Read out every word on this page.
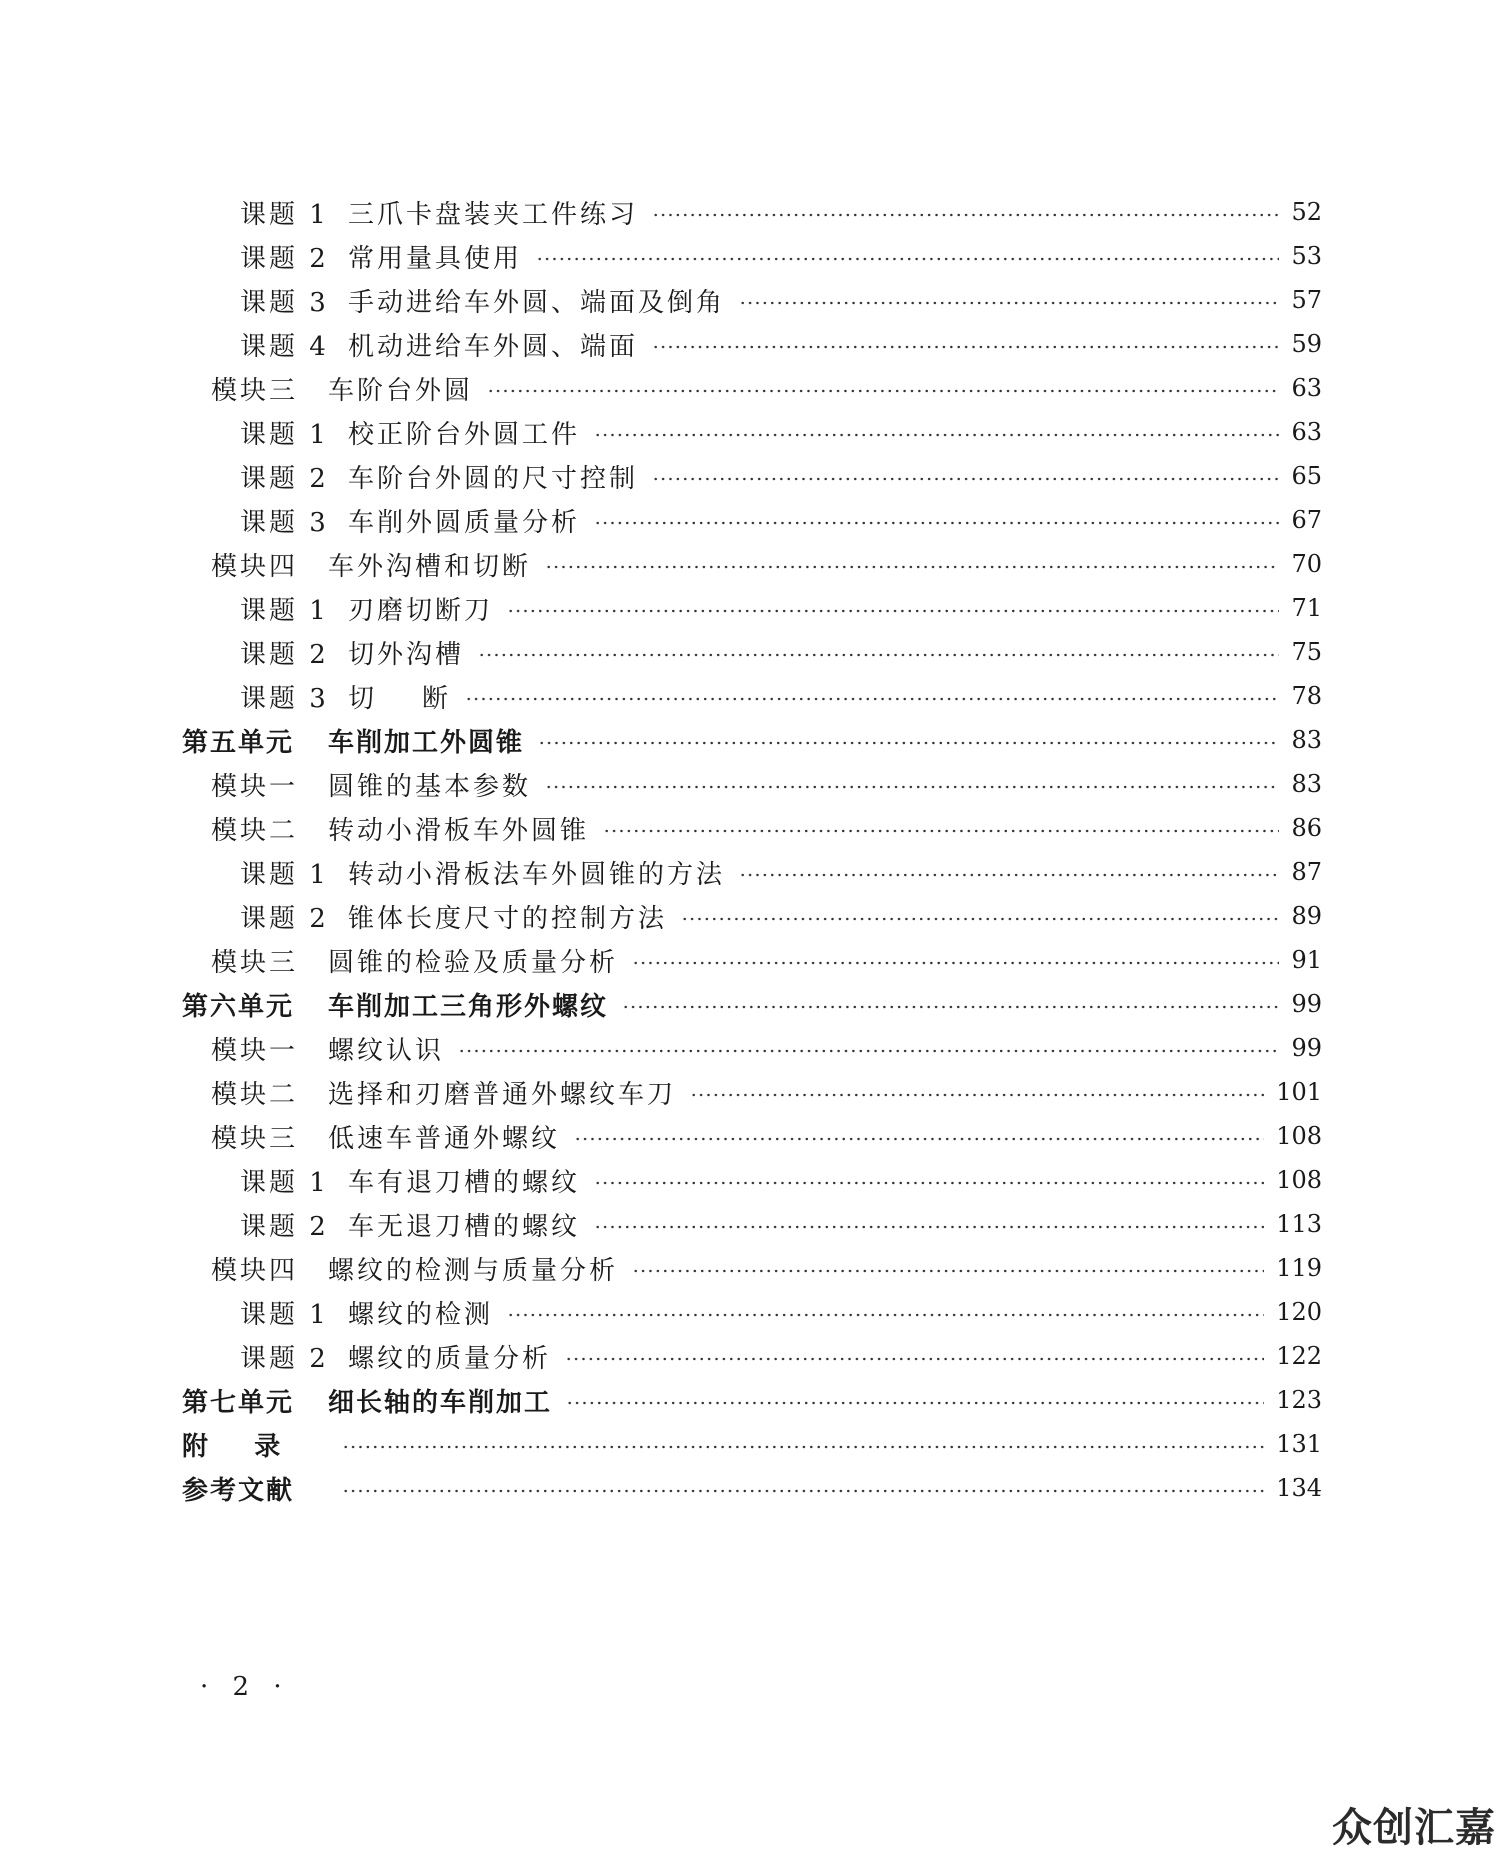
课题 1 三爪卡盘装夹工件练习	52
课题 2 常用量具使用	53
课题 3 手动进给车外圆、端面及倒角	57
课题 4 机动进给车外圆、端面	59
模块三 车阶台外圆	63
课题 1 校正阶台外圆工件	63
课题 2 车阶台外圆的尺寸控制	65
课题 3 车削外圆质量分析	67
模块四 车外沟槽和切断	70
课题 1 刃磨切断刀	71
课题 2 切外沟槽	75
课题 3 切    断	78
第五单元 车削加工外圆锥	83
模块一 圆锥的基本参数	83
模块二 转动小滑板车外圆锥	86
课题 1 转动小滑板法车外圆锥的方法	87
课题 2 锥体长度尺寸的控制方法	89
模块三 圆锥的检验及质量分析	91
第六单元 车削加工三角形外螺纹	99
模块一 螺纹认识	99
模块二 选择和刃磨普通外螺纹车刀	101
模块三 低速车普通外螺纹	108
课题 1 车有退刀槽的螺纹	108
课题 2 车无退刀槽的螺纹	113
模块四 螺纹的检测与质量分析	119
课题 1 螺纹的检测	120
课题 2 螺纹的质量分析	122
第七单元 细长轴的车削加工	123
附    录	131
参考文献	134
· 2 ·
众创汇嘉
